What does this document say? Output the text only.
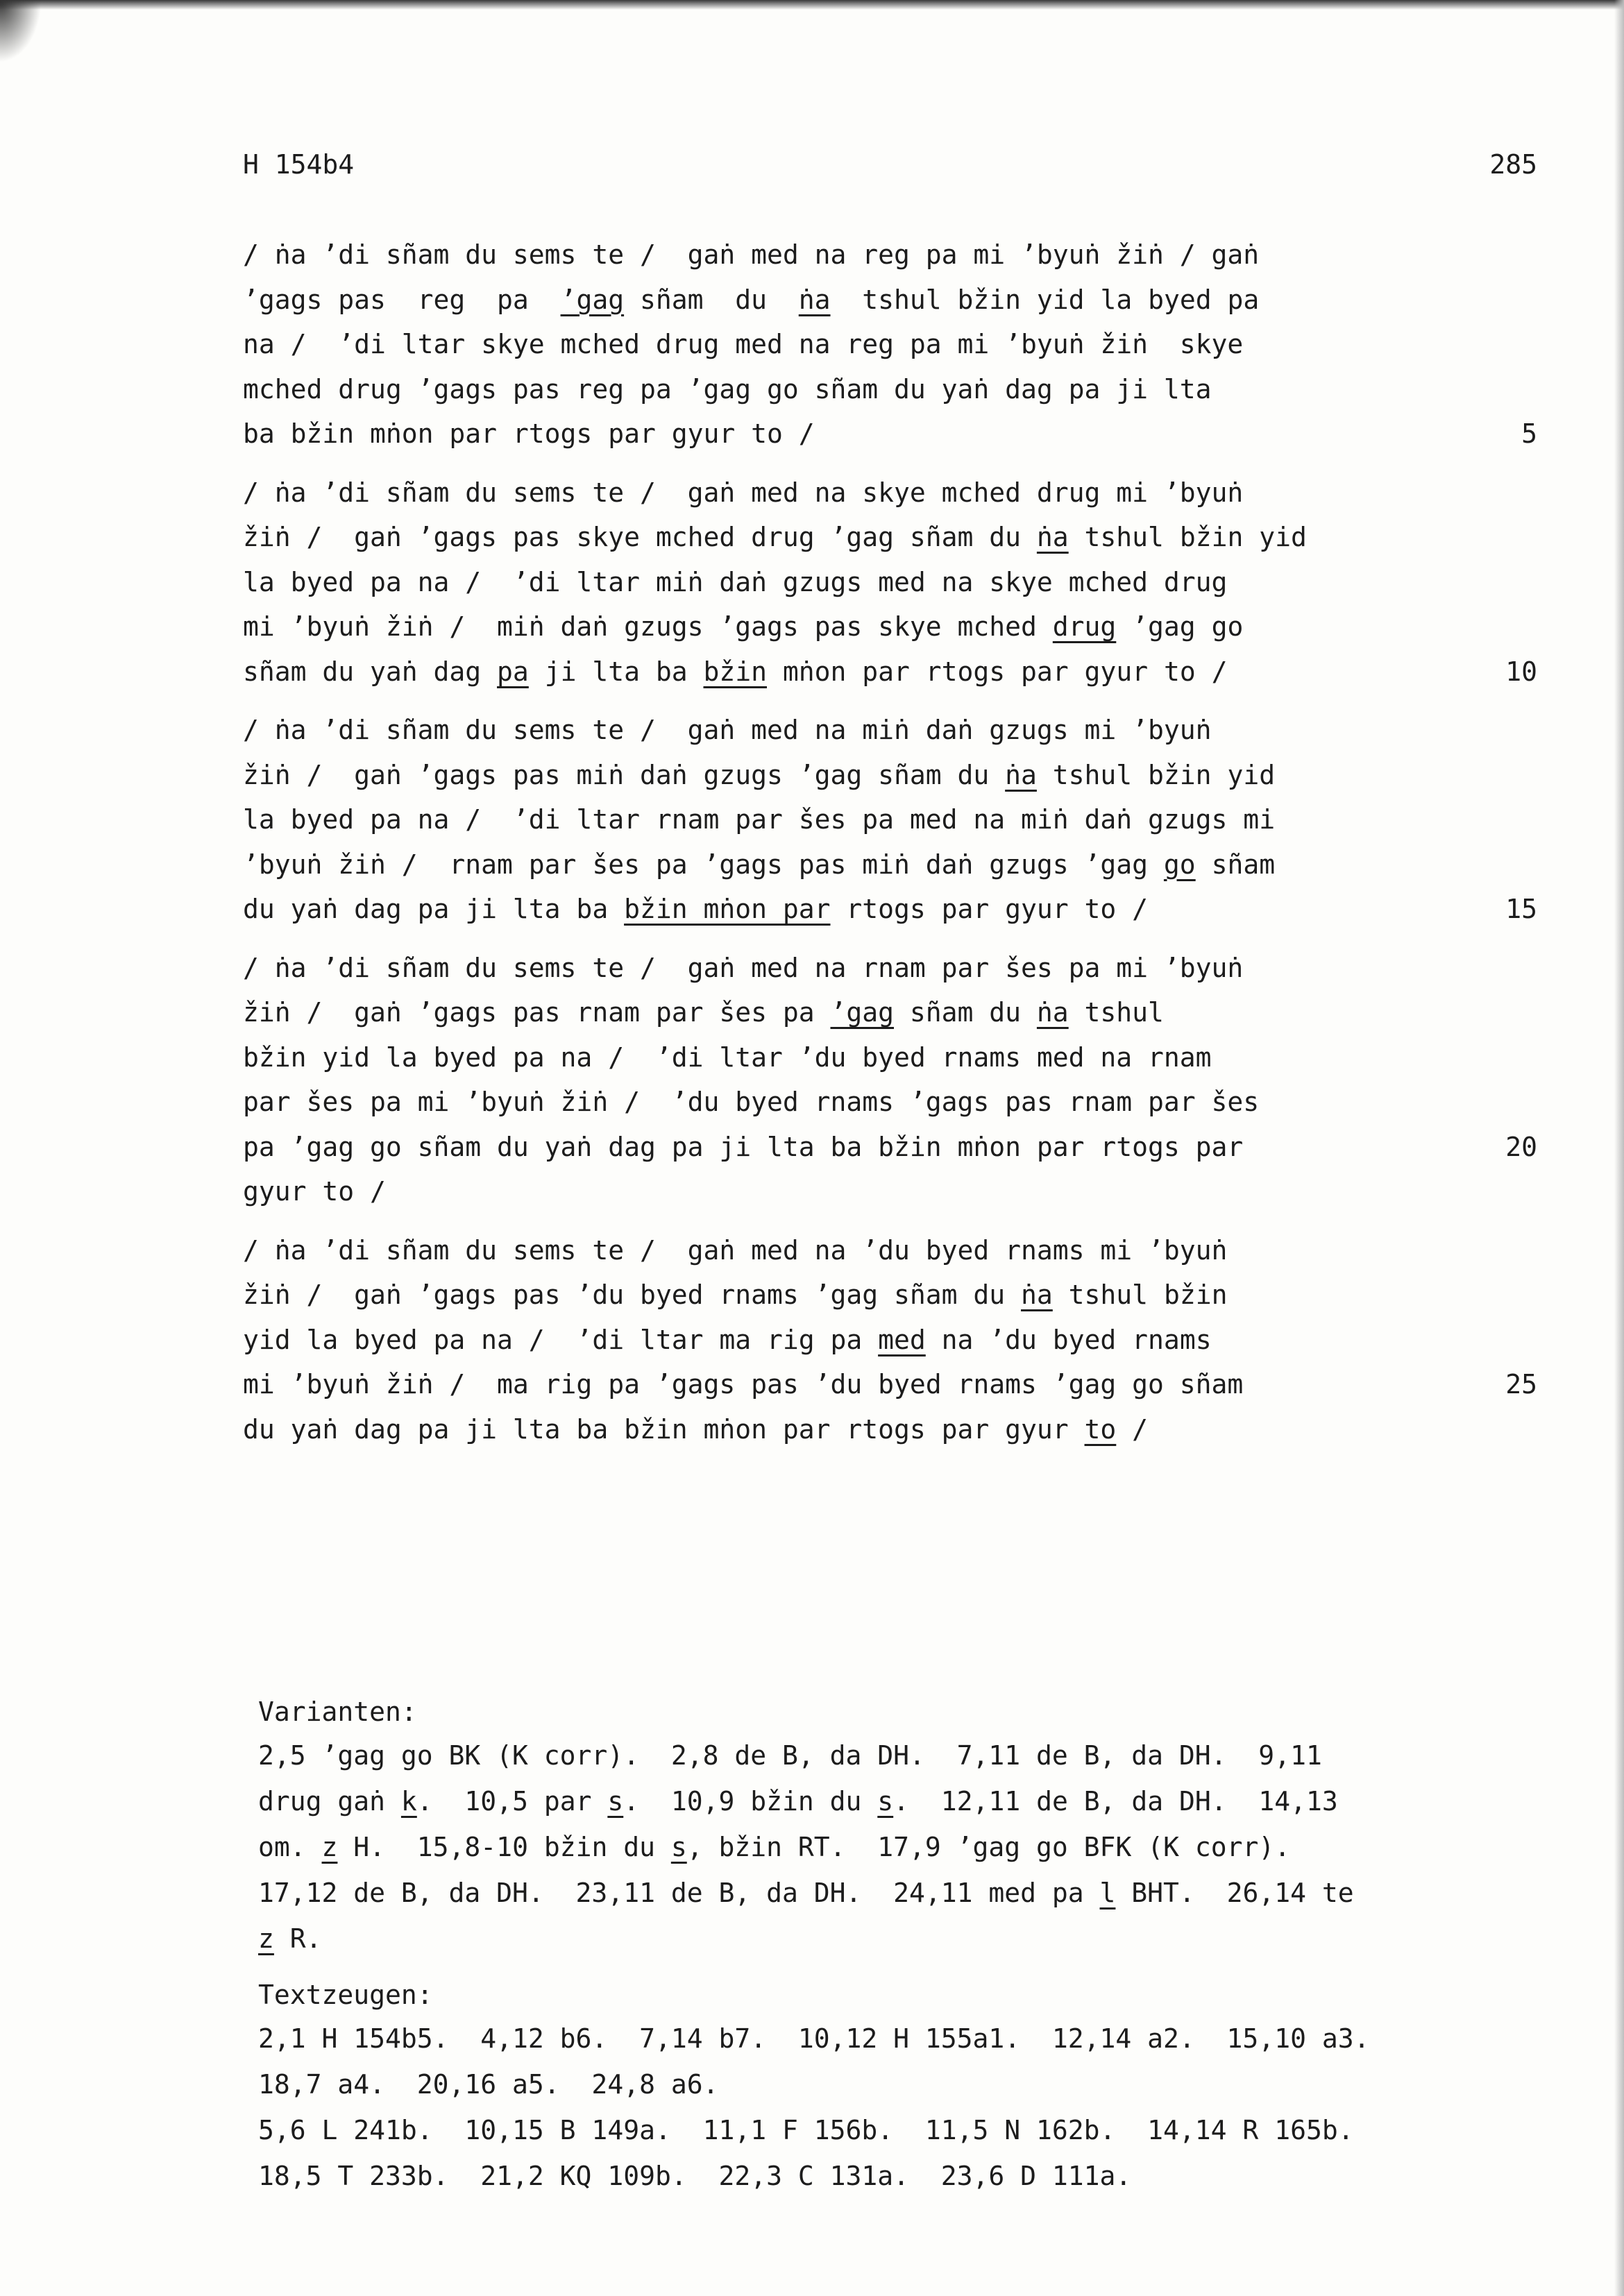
H 154b4	285
/ ṅa ’di sñam du sems te /  gaṅ med na reg pa mi ’byuṅ žiṅ / gaṅ
’gags pas  reg  pa  ’gag sñam  du  ṅa  tshul bžin yid la byed pa
na /  ’di ltar skye mched drug med na reg pa mi ’byuṅ žiṅ  skye
mched drug ’gags pas reg pa ’gag go sñam du yaṅ dag pa ji lta
ba bžin mṅon par rtogs par gyur to /	5
/ ṅa ’di sñam du sems te /  gaṅ med na skye mched drug mi ’byuṅ
žiṅ /  gaṅ ’gags pas skye mched drug ’gag sñam du ṅa tshul bžin yid
la byed pa na /  ’di ltar miṅ daṅ gzugs med na skye mched drug
mi ’byuṅ žiṅ /  miṅ daṅ gzugs ’gags pas skye mched drug ’gag go
sñam du yaṅ dag pa ji lta ba bžin mṅon par rtogs par gyur to /	10
/ ṅa ’di sñam du sems te /  gaṅ med na miṅ daṅ gzugs mi ’byuṅ
žiṅ /  gaṅ ’gags pas miṅ daṅ gzugs ’gag sñam du ṅa tshul bžin yid
la byed pa na /  ’di ltar rnam par šes pa med na miṅ daṅ gzugs mi
’byuṅ žiṅ /  rnam par šes pa ’gags pas miṅ daṅ gzugs ’gag go sñam
du yaṅ dag pa ji lta ba bžin mṅon par rtogs par gyur to /	15
/ ṅa ’di sñam du sems te /  gaṅ med na rnam par šes pa mi ’byuṅ
žiṅ /  gaṅ ’gags pas rnam par šes pa ’gag sñam du ṅa tshul
bžin yid la byed pa na /  ’di ltar ’du byed rnams med na rnam
par šes pa mi ’byuṅ žiṅ /  ’du byed rnams ’gags pas rnam par šes
pa ’gag go sñam du yaṅ dag pa ji lta ba bžin mṅon par rtogs par	20
gyur to /
/ ṅa ’di sñam du sems te /  gaṅ med na ’du byed rnams mi ’byuṅ
žiṅ /  gaṅ ’gags pas ’du byed rnams ’gag sñam du ṅa tshul bžin
yid la byed pa na /  ’di ltar ma rig pa med na ’du byed rnams
mi ’byuṅ žiṅ /  ma rig pa ’gags pas ’du byed rnams ’gag go sñam	25
du yaṅ dag pa ji lta ba bžin mṅon par rtogs par gyur to /
Varianten:
2,5 ’gag go BK (K corr).  2,8 de B, da DH.  7,11 de B, da DH.  9,11
drug gaṅ k.  10,5 par s.  10,9 bžin du s.  12,11 de B, da DH.  14,13
om. z H.  15,8-10 bžin du s, bžin RT.  17,9 ’gag go BFK (K corr).
17,12 de B, da DH.  23,11 de B, da DH.  24,11 med pa l BHT.  26,14 te
z R.
Textzeugen:
2,1 H 154b5.  4,12 b6.  7,14 b7.  10,12 H 155a1.  12,14 a2.  15,10 a3.
18,7 a4.  20,16 a5.  24,8 a6.
5,6 L 241b.  10,15 B 149a.  11,1 F 156b.  11,5 N 162b.  14,14 R 165b.
18,5 T 233b.  21,2 KQ 109b.  22,3 C 131a.  23,6 D 111a.
